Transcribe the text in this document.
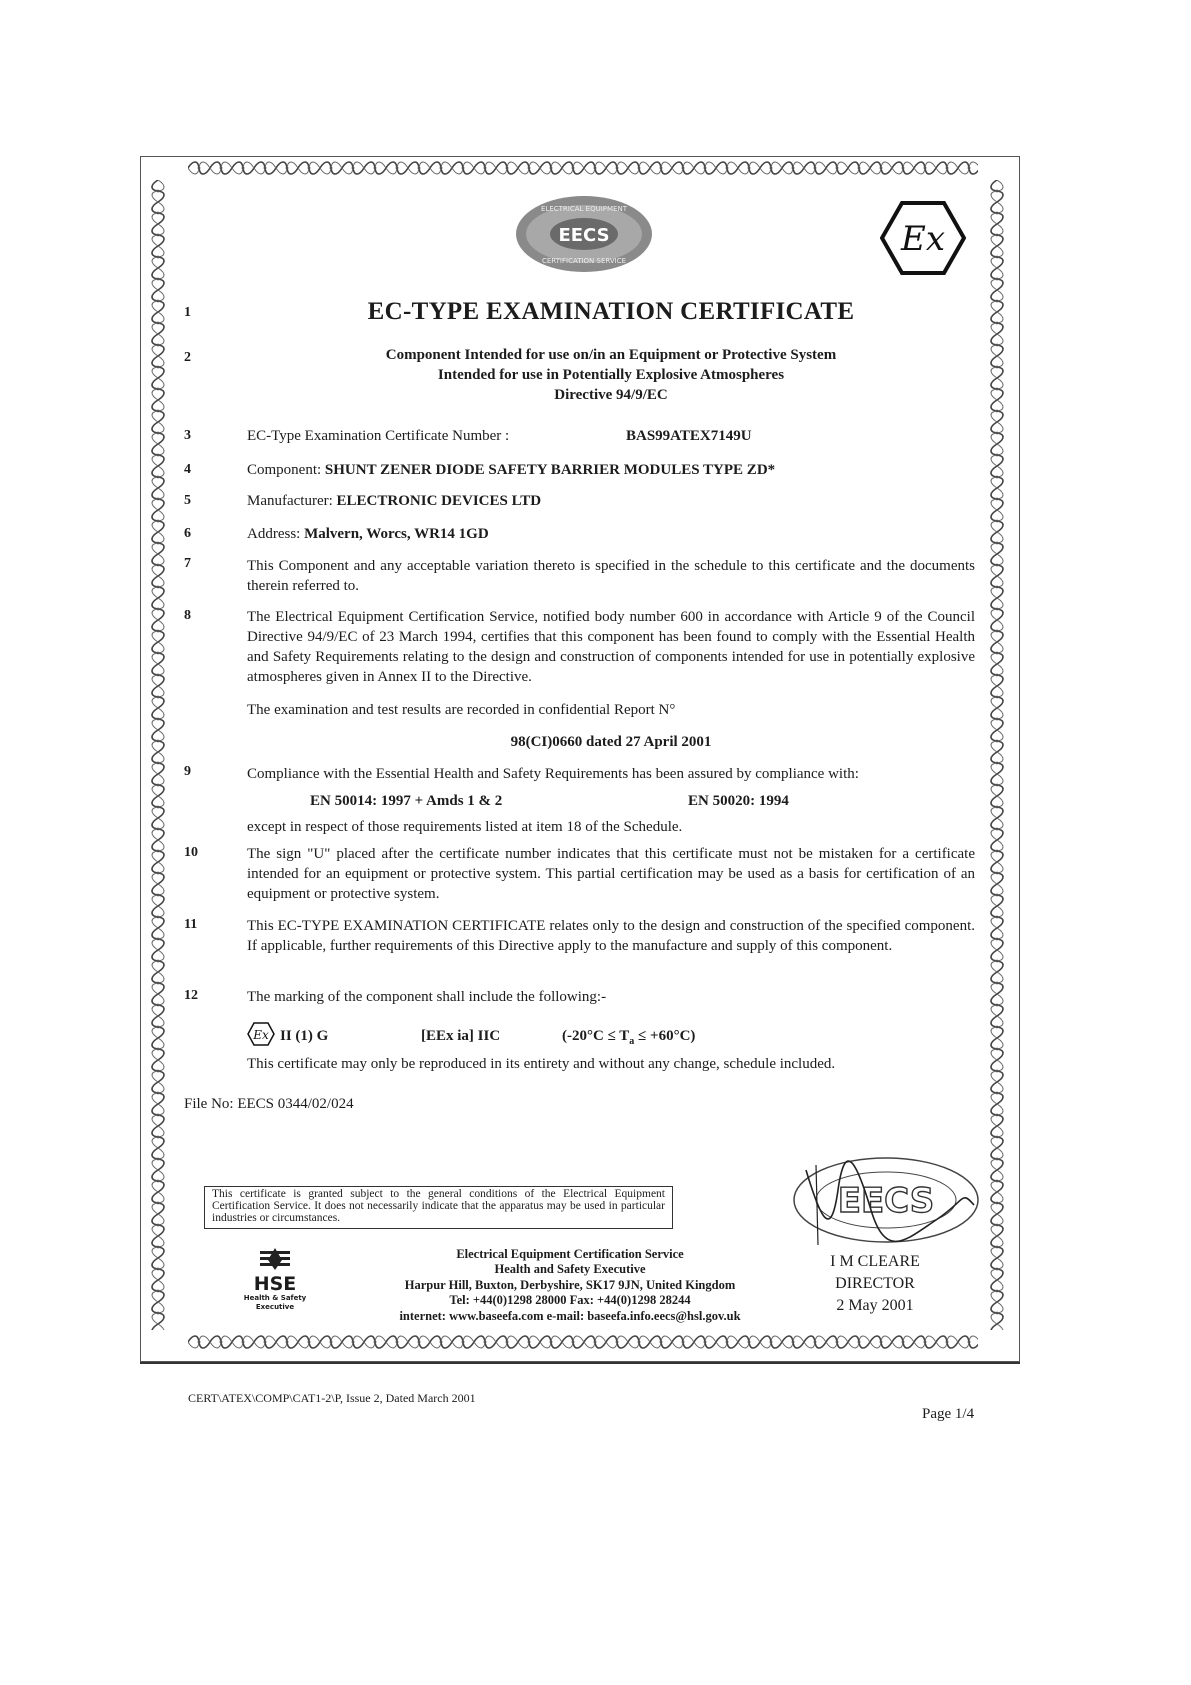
ELECTRICAL EQUIPMENT
CERTIFICATION SERVICE
EECS	Ex
1
2
3
4
5
6
7
8
9
10
11
12
EC-TYPE EXAMINATION CERTIFICATE
Component Intended for use on/in an Equipment or Protective System
Intended for use in Potentially Explosive Atmospheres
Directive 94/9/EC
EC-Type Examination Certificate Number :	BAS99ATEX7149U
Component: SHUNT ZENER DIODE SAFETY BARRIER MODULES TYPE ZD*
Manufacturer: ELECTRONIC DEVICES LTD
Address: Malvern, Worcs, WR14 1GD
This Component and any acceptable variation thereto is specified in the schedule to this certificate and the documents therein referred to.
The Electrical Equipment Certification Service, notified body number 600 in accordance with Article 9 of the Council Directive 94/9/EC of 23 March 1994, certifies that this component has been found to comply with the Essential Health and Safety Requirements relating to the design and construction of components intended for use in potentially explosive atmospheres given in Annex II to the Directive.
The examination and test results are recorded in confidential Report N°
98(CI)0660 dated 27 April 2001
Compliance with the Essential Health and Safety Requirements has been assured by compliance with:
EN 50014: 1997 + Amds 1 & 2	EN 50020: 1994
except in respect of those requirements listed at item 18 of the Schedule.
The sign "U" placed after the certificate number indicates that this certificate must not be mistaken for a certificate intended for an equipment or protective system. This partial certification may be used as a basis for certification of an equipment or protective system.
This EC-TYPE EXAMINATION CERTIFICATE relates only to the design and construction of the specified component. If applicable, further requirements of this Directive apply to the manufacture and supply of this component.
The marking of the component shall include the following:-
Ex II (1) G	[EEx ia] IIC	$(-20^\circ C \le T_a \le +60^\circ C)$
This certificate may only be reproduced in its entirety and without any change, schedule included.
File No: EECS 0344/02/024
This certificate is granted subject to the general conditions of the Electrical Equipment Certification Service. It does not necessarily indicate that the apparatus may be used in particular industries or circumstances.
HSE
Health & Safety
Executive
Electrical Equipment Certification Service
Health and Safety Executive
Harpur Hill, Buxton, Derbyshire, SK17 9JN, United Kingdom
Tel: +44(0)1298 28000 Fax: +44(0)1298 28244
internet: www.baseefa.com e-mail: baseefa.info.eecs@hsl.gov.uk
EECS
I M CLEARE
DIRECTOR
2 May 2001
CERT\ATEX\COMP\CAT1-2\P, Issue 2, Dated March 2001
Page 1/4
